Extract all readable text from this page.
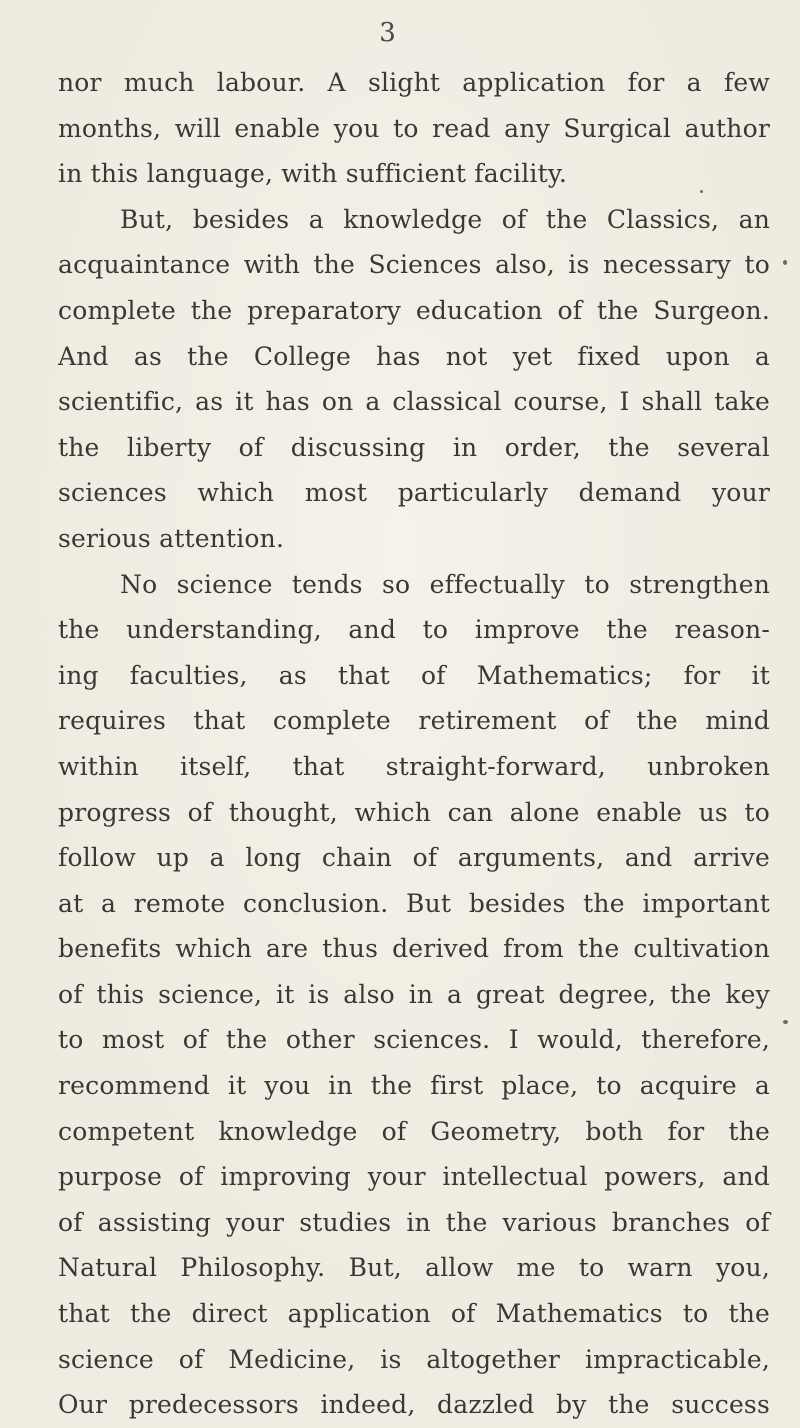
3
nor much labour. A slight application for a few
months, will enable you to read any Surgical author
in this language, with sufficient facility.
But, besides a knowledge of the Classics, an
acquaintance with the Sciences also, is necessary to
complete the preparatory education of the Surgeon.
And as the College has not yet fixed upon a
scientific, as it has on a classical course, I shall take
the liberty of discussing in order, the several
sciences which most particularly demand your
serious attention.
No science tends so effectually to strengthen
the understanding, and to improve the reason-
ing faculties, as that of Mathematics; for it
requires that complete retirement of the mind
within itself, that straight-forward, unbroken
progress of thought, which can alone enable us to
follow up a long chain of arguments, and arrive
at a remote conclusion. But besides the important
benefits which are thus derived from the cultivation
of this science, it is also in a great degree, the key
to most of the other sciences. I would, therefore,
recommend it you in the first place, to acquire a
competent knowledge of Geometry, both for the
purpose of improving your intellectual powers, and
of assisting your studies in the various branches of
Natural Philosophy. But, allow me to warn you,
that the direct application of Mathematics to the
science of Medicine, is altogether impracticable,
Our predecessors indeed, dazzled by the success
